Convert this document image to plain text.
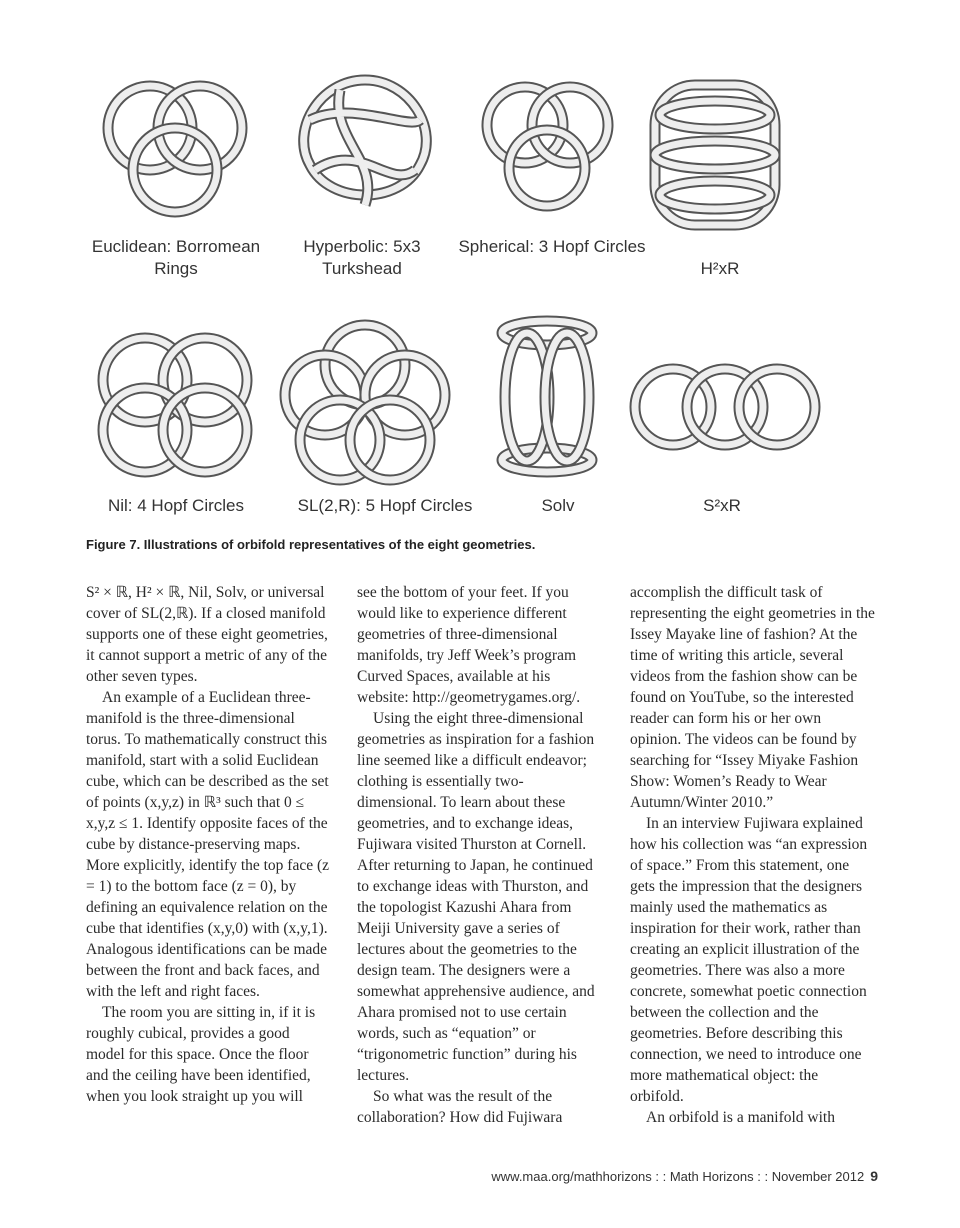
Euclidean: Borromean Rings
Hyperbolic: 5x3 Turkshead
Spherical: 3 Hopf Circles
H²xR
Nil: 4 Hopf Circles	SL(2,R): 5 Hopf Circles	Solv	S²xR
Figure 7. Illustrations of orbifold representatives of the eight geometries.

S² × ℝ, H² × ℝ, Nil, Solv, or universal cover of SL(2,ℝ). If a closed manifold supports one of these eight geometries, it cannot support a metric of any of the other seven types.

An example of a Euclidean three-manifold is the three-dimensional torus. To mathematically construct this manifold, start with a solid Euclidean cube, which can be described as the set of points (x,y,z) in ℝ³ such that 0 ≤ x,y,z ≤ 1. Identify opposite faces of the cube by distance-preserving maps. More explicitly, identify the top face (z = 1) to the bottom face (z = 0), by defining an equivalence relation on the cube that identifies (x,y,0) with (x,y,1). Analogous identifications can be made between the front and back faces, and with the left and right faces.

The room you are sitting in, if it is roughly cubical, provides a good model for this space. Once the floor and the ceiling have been identified, when you look straight up you will

see the bottom of your feet. If you would like to experience different geometries of three-dimensional manifolds, try Jeff Week’s program Curved Spaces, available at his website: http://geometrygames.org/.

Using the eight three-dimensional geometries as inspiration for a fashion line seemed like a difficult endeavor; clothing is essentially two-dimensional. To learn about these geometries, and to exchange ideas, Fujiwara visited Thurston at Cornell. After returning to Japan, he continued to exchange ideas with Thurston, and the topologist Kazushi Ahara from Meiji University gave a series of lectures about the geometries to the design team. The designers were a somewhat apprehensive audience, and Ahara promised not to use certain words, such as “equation” or “trigonometric function” during his lectures.

So what was the result of the collaboration? How did Fujiwara

accomplish the difficult task of representing the eight geometries in the Issey Mayake line of fashion? At the time of writing this article, several videos from the fashion show can be found on YouTube, so the interested reader can form his or her own opinion. The videos can be found by searching for “Issey Miyake Fashion Show: Women’s Ready to Wear Autumn/Winter 2010.”

In an interview Fujiwara explained how his collection was “an expression of space.” From this statement, one gets the impression that the designers mainly used the mathematics as inspiration for their work, rather than creating an explicit illustration of the geometries. There was also a more concrete, somewhat poetic connection between the collection and the geometries. Before describing this connection, we need to introduce one more mathematical object: the orbifold.

An orbifold is a manifold with

www.maa.org/mathhorizons : : Math Horizons : : November 2012 9
